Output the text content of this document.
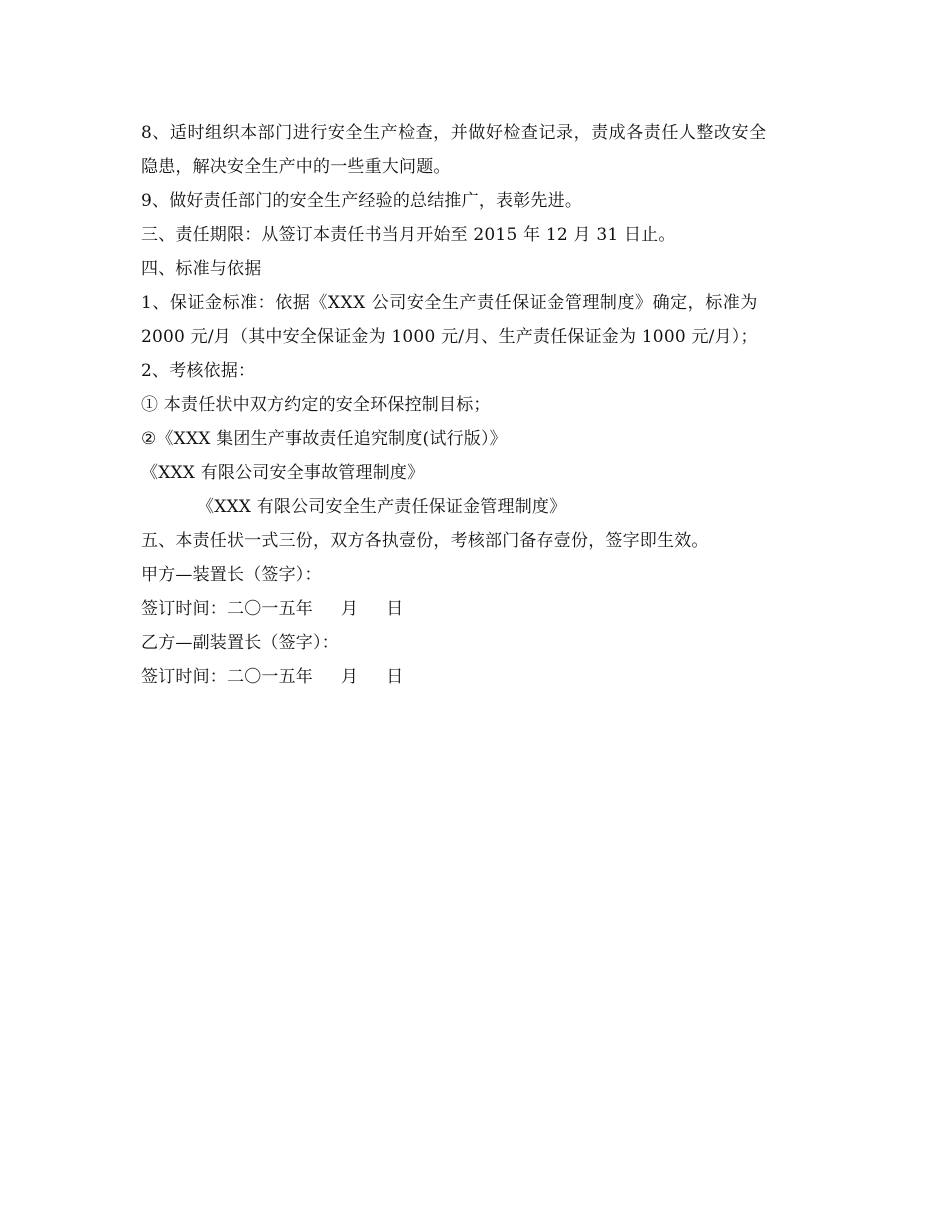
8、适时组织本部门进行安全生产检查，并做好检查记录，责成各责任人整改安全
隐患，解决安全生产中的一些重大问题。
9、做好责任部门的安全生产经验的总结推广，表彰先进。
三、责任期限：从签订本责任书当月开始至 2015 年 12 月 31 日止。
四、标准与依据
1、保证金标准：依据《XXX 公司安全生产责任保证金管理制度》确定，标准为
2000 元/月（其中安全保证金为 1000 元/月、生产责任保证金为 1000 元/月）；
2、考核依据：
① 本责任状中双方约定的安全环保控制目标；
②《XXX 集团生产事故责任追究制度(试行版）》
《XXX 有限公司安全事故管理制度》
《XXX 有限公司安全生产责任保证金管理制度》
五、本责任状一式三份，双方各执壹份，考核部门备存壹份，签字即生效。
甲方—装置长（签字）：
签订时间：二〇一五年 月 日
乙方—副装置长（签字）：
签订时间：二〇一五年 月 日
